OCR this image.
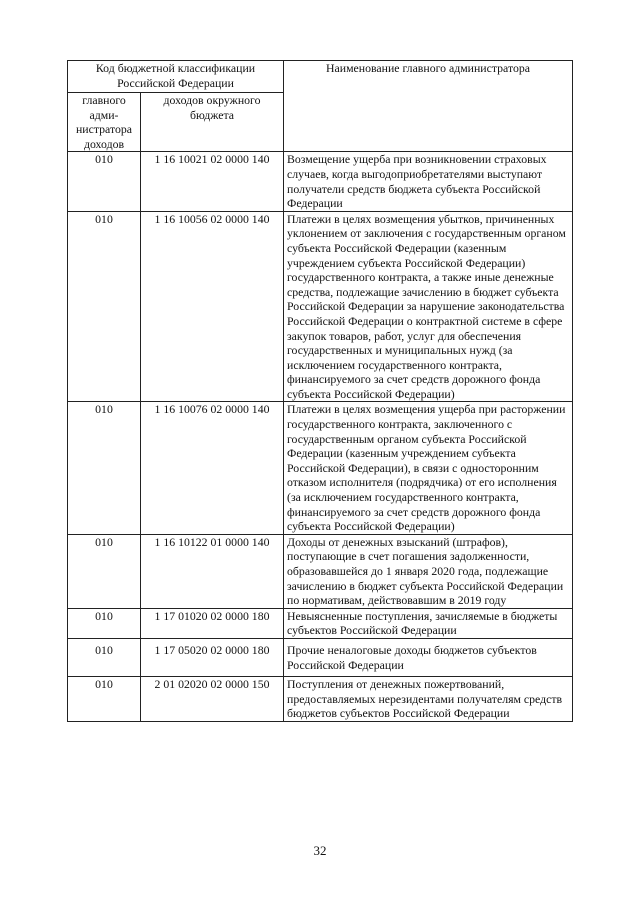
Код бюджетной классификации Российской Федерации		Наименование главного администратора
главного адми-нистратора доходов	доходов окружного бюджета	
010	1 16 10021 02 0000 140	Возмещение ущерба при возникновении страховых случаев, когда выгодоприобретателями выступают получатели средств бюджета субъекта Российской Федерации
010	1 16 10056 02 0000 140	Платежи в целях возмещения убытков, причиненных уклонением от заключения с государственным органом субъекта Российской Федерации (казенным учреждением субъекта Российской Федерации) государственного контракта, а также иные денежные средства, подлежащие зачислению в бюджет субъекта Российской Федерации за нарушение законодательства Российской Федерации о контрактной системе в сфере закупок товаров, работ, услуг для обеспечения государственных и муниципальных нужд (за исключением государственного контракта, финансируемого за счет средств дорожного фонда субъекта Российской Федерации)
010	1 16 10076 02 0000 140	Платежи в целях возмещения ущерба при расторжении государственного контракта, заключенного с государственным органом субъекта Российской Федерации (казенным учреждением субъекта Российской Федерации), в связи с односторонним отказом исполнителя (подрядчика) от его исполнения (за исключением государственного контракта, финансируемого за счет средств дорожного фонда субъекта Российской Федерации)
010	1 16 10122 01 0000 140	Доходы от денежных взысканий (штрафов), поступающие в счет погашения задолженности, образовавшейся до 1 января 2020 года, подлежащие зачислению в бюджет субъекта Российской Федерации по нормативам, действовавшим в 2019 году
010	1 17 01020 02 0000 180	Невыясненные поступления, зачисляемые в бюджеты субъектов Российской Федерации
010	1 17 05020 02 0000 180	Прочие неналоговые доходы бюджетов субъектов Российской Федерации
010	2 01 02020 02 0000 150	Поступления от денежных пожертвований, предоставляемых нерезидентами получателям средств бюджетов субъектов Российской Федерации
32
